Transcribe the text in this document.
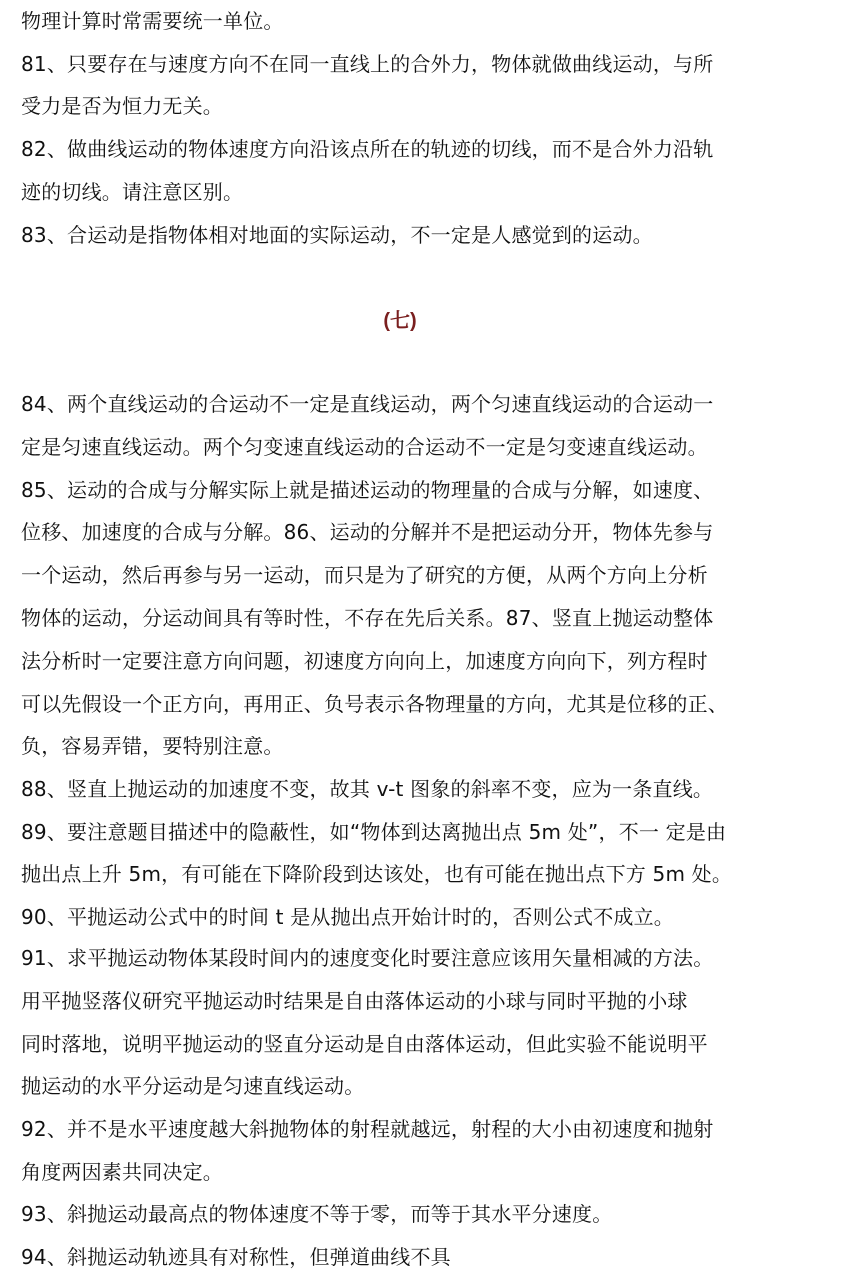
物理计算时常需要统一单位。
81、只要存在与速度方向不在同一直线上的合外力，物体就做曲线运动，与所
受力是否为恒力无关。
82、做曲线运动的物体速度方向沿该点所在的轨迹的切线，而不是合外力沿轨
迹的切线。请注意区别。
83、合运动是指物体相对地面的实际运动，不一定是人感觉到的运动。
(七)
84、两个直线运动的合运动不一定是直线运动，两个匀速直线运动的合运动一
定是匀速直线运动。两个匀变速直线运动的合运动不一定是匀变速直线运动。
85、运动的合成与分解实际上就是描述运动的物理量的合成与分解，如速度、
位移、加速度的合成与分解。86、运动的分解并不是把运动分开，物体先参与
一个运动，然后再参与另一运动，而只是为了研究的方便，从两个方向上分析
物体的运动，分运动间具有等时性，不存在先后关系。87、竖直上抛运动整体
法分析时一定要注意方向问题，初速度方向向上，加速度方向向下，列方程时
可以先假设一个正方向，再用正、负号表示各物理量的方向，尤其是位移的正、
负，容易弄错，要特别注意。
88、竖直上抛运动的加速度不变，故其 v-t 图象的斜率不变，应为一条直线。
89、要注意题目描述中的隐蔽性，如“物体到达离抛出点 5m 处”，不一 定是由
抛出点上升 5m，有可能在下降阶段到达该处，也有可能在抛出点下方 5m 处。
90、平抛运动公式中的时间 t 是从抛出点开始计时的，否则公式不成立。
91、求平抛运动物体某段时间内的速度变化时要注意应该用矢量相减的方法。
用平抛竖落仪研究平抛运动时结果是自由落体运动的小球与同时平抛的小球
同时落地，说明平抛运动的竖直分运动是自由落体运动，但此实验不能说明平
抛运动的水平分运动是匀速直线运动。
92、并不是水平速度越大斜抛物体的射程就越远，射程的大小由初速度和抛射
角度两因素共同决定。
93、斜抛运动最高点的物体速度不等于零，而等于其水平分速度。
94、斜抛运动轨迹具有对称性，但弹道曲线不具
